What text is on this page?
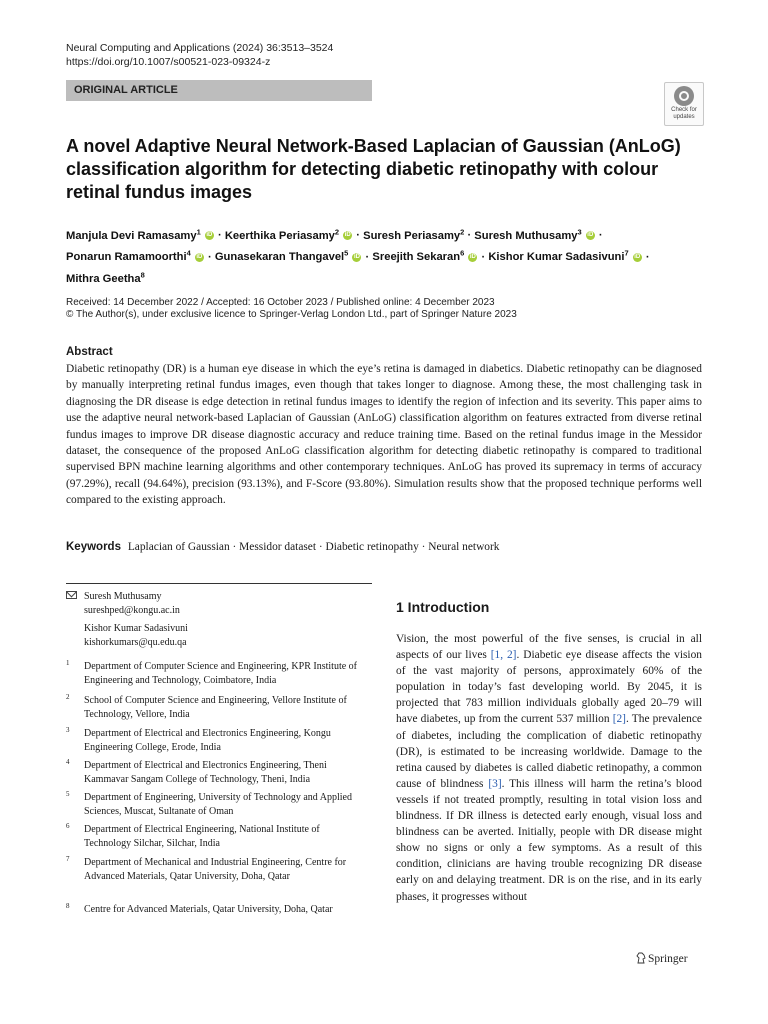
Neural Computing and Applications (2024) 36:3513–3524
https://doi.org/10.1007/s00521-023-09324-z
ORIGINAL ARTICLE
Check for
updates
A novel Adaptive Neural Network-Based Laplacian of Gaussian (AnLoG) classification algorithm for detecting diabetic retinopathy with colour retinal fundus images
Manjula Devi Ramasamy$^1$ iD · Keerthika Periasamy$^2$ iD · Suresh Periasamy$^2$ · Suresh Muthusamy$^3$ iD ·
Ponarun Ramamoorthi$^4$ iD · Gunasekaran Thangavel$^5$ iD · Sreejith Sekaran$^6$ iD · Kishor Kumar Sadasivuni$^7$ iD ·
Mithra Geetha$^8$
Received: 14 December 2022 / Accepted: 16 October 2023 / Published online: 4 December 2023
© The Author(s), under exclusive licence to Springer-Verlag London Ltd., part of Springer Nature 2023
Abstract
Diabetic retinopathy (DR) is a human eye disease in which the eye’s retina is damaged in diabetics. Diabetic retinopathy can be diagnosed by manually interpreting retinal fundus images, even though that takes longer to diagnose. Among these, the most challenging task in diagnosing the DR disease is edge detection in retinal fundus images to identify the region of infection and its severity. This paper aims to use the adaptive neural network-based Laplacian of Gaussian (AnLoG) classification algorithm on features extracted from diverse retinal fundus images to improve DR disease diagnostic accuracy and reduce training time. Based on the retinal fundus image in the Messidor dataset, the consequence of the proposed AnLoG classification algorithm for detecting diabetic retinopathy is compared to traditional supervised BPN machine learning algorithms and other contemporary techniques. AnLoG has proved its supremacy in terms of accuracy (97.29%), recall (94.64%), precision (93.13%), and F-Score (93.80%). Simulation results show that the proposed technique performs well compared to the existing approach.
Keywords Laplacian of Gaussian · Messidor dataset · Diabetic retinopathy · Neural network
Suresh Muthusamy
sureshped@kongu.ac.in
Kishor Kumar Sadasivuni
kishorkumars@qu.edu.qa
1 Department of Computer Science and Engineering, KPR Institute of Engineering and Technology, Coimbatore, India
2 School of Computer Science and Engineering, Vellore Institute of Technology, Vellore, India
3 Department of Electrical and Electronics Engineering, Kongu Engineering College, Erode, India
4 Department of Electrical and Electronics Engineering, Theni Kammavar Sangam College of Technology, Theni, India
5 Department of Engineering, University of Technology and Applied Sciences, Muscat, Sultanate of Oman
6 Department of Electrical Engineering, National Institute of Technology Silchar, Silchar, India
7 Department of Mechanical and Industrial Engineering, Centre for Advanced Materials, Qatar University, Doha, Qatar
8 Centre for Advanced Materials, Qatar University, Doha, Qatar
1 Introduction
Vision, the most powerful of the five senses, is crucial in all aspects of our lives [1, 2]. Diabetic eye disease affects the vision of the vast majority of persons, approximately 60% of the population in today’s fast developing world. By 2045, it is projected that 783 million individuals globally aged 20–79 will have diabetes, up from the current 537 million [2]. The prevalence of diabetes, including the complication of diabetic retinopathy (DR), is estimated to be increasing worldwide. Damage to the retina caused by diabetes is called diabetic retinopathy, a common cause of blindness [3]. This illness will harm the retina’s blood vessels if not treated promptly, resulting in total vision loss and blindness. If DR illness is detected early enough, visual loss and blindness can be averted. Initially, people with DR disease might show no signs or only a few symptoms. As a result of this condition, clinicians are having trouble recognizing DR disease early on and delaying treatment. DR is on the rise, and in its early phases, it progresses without
Springer
